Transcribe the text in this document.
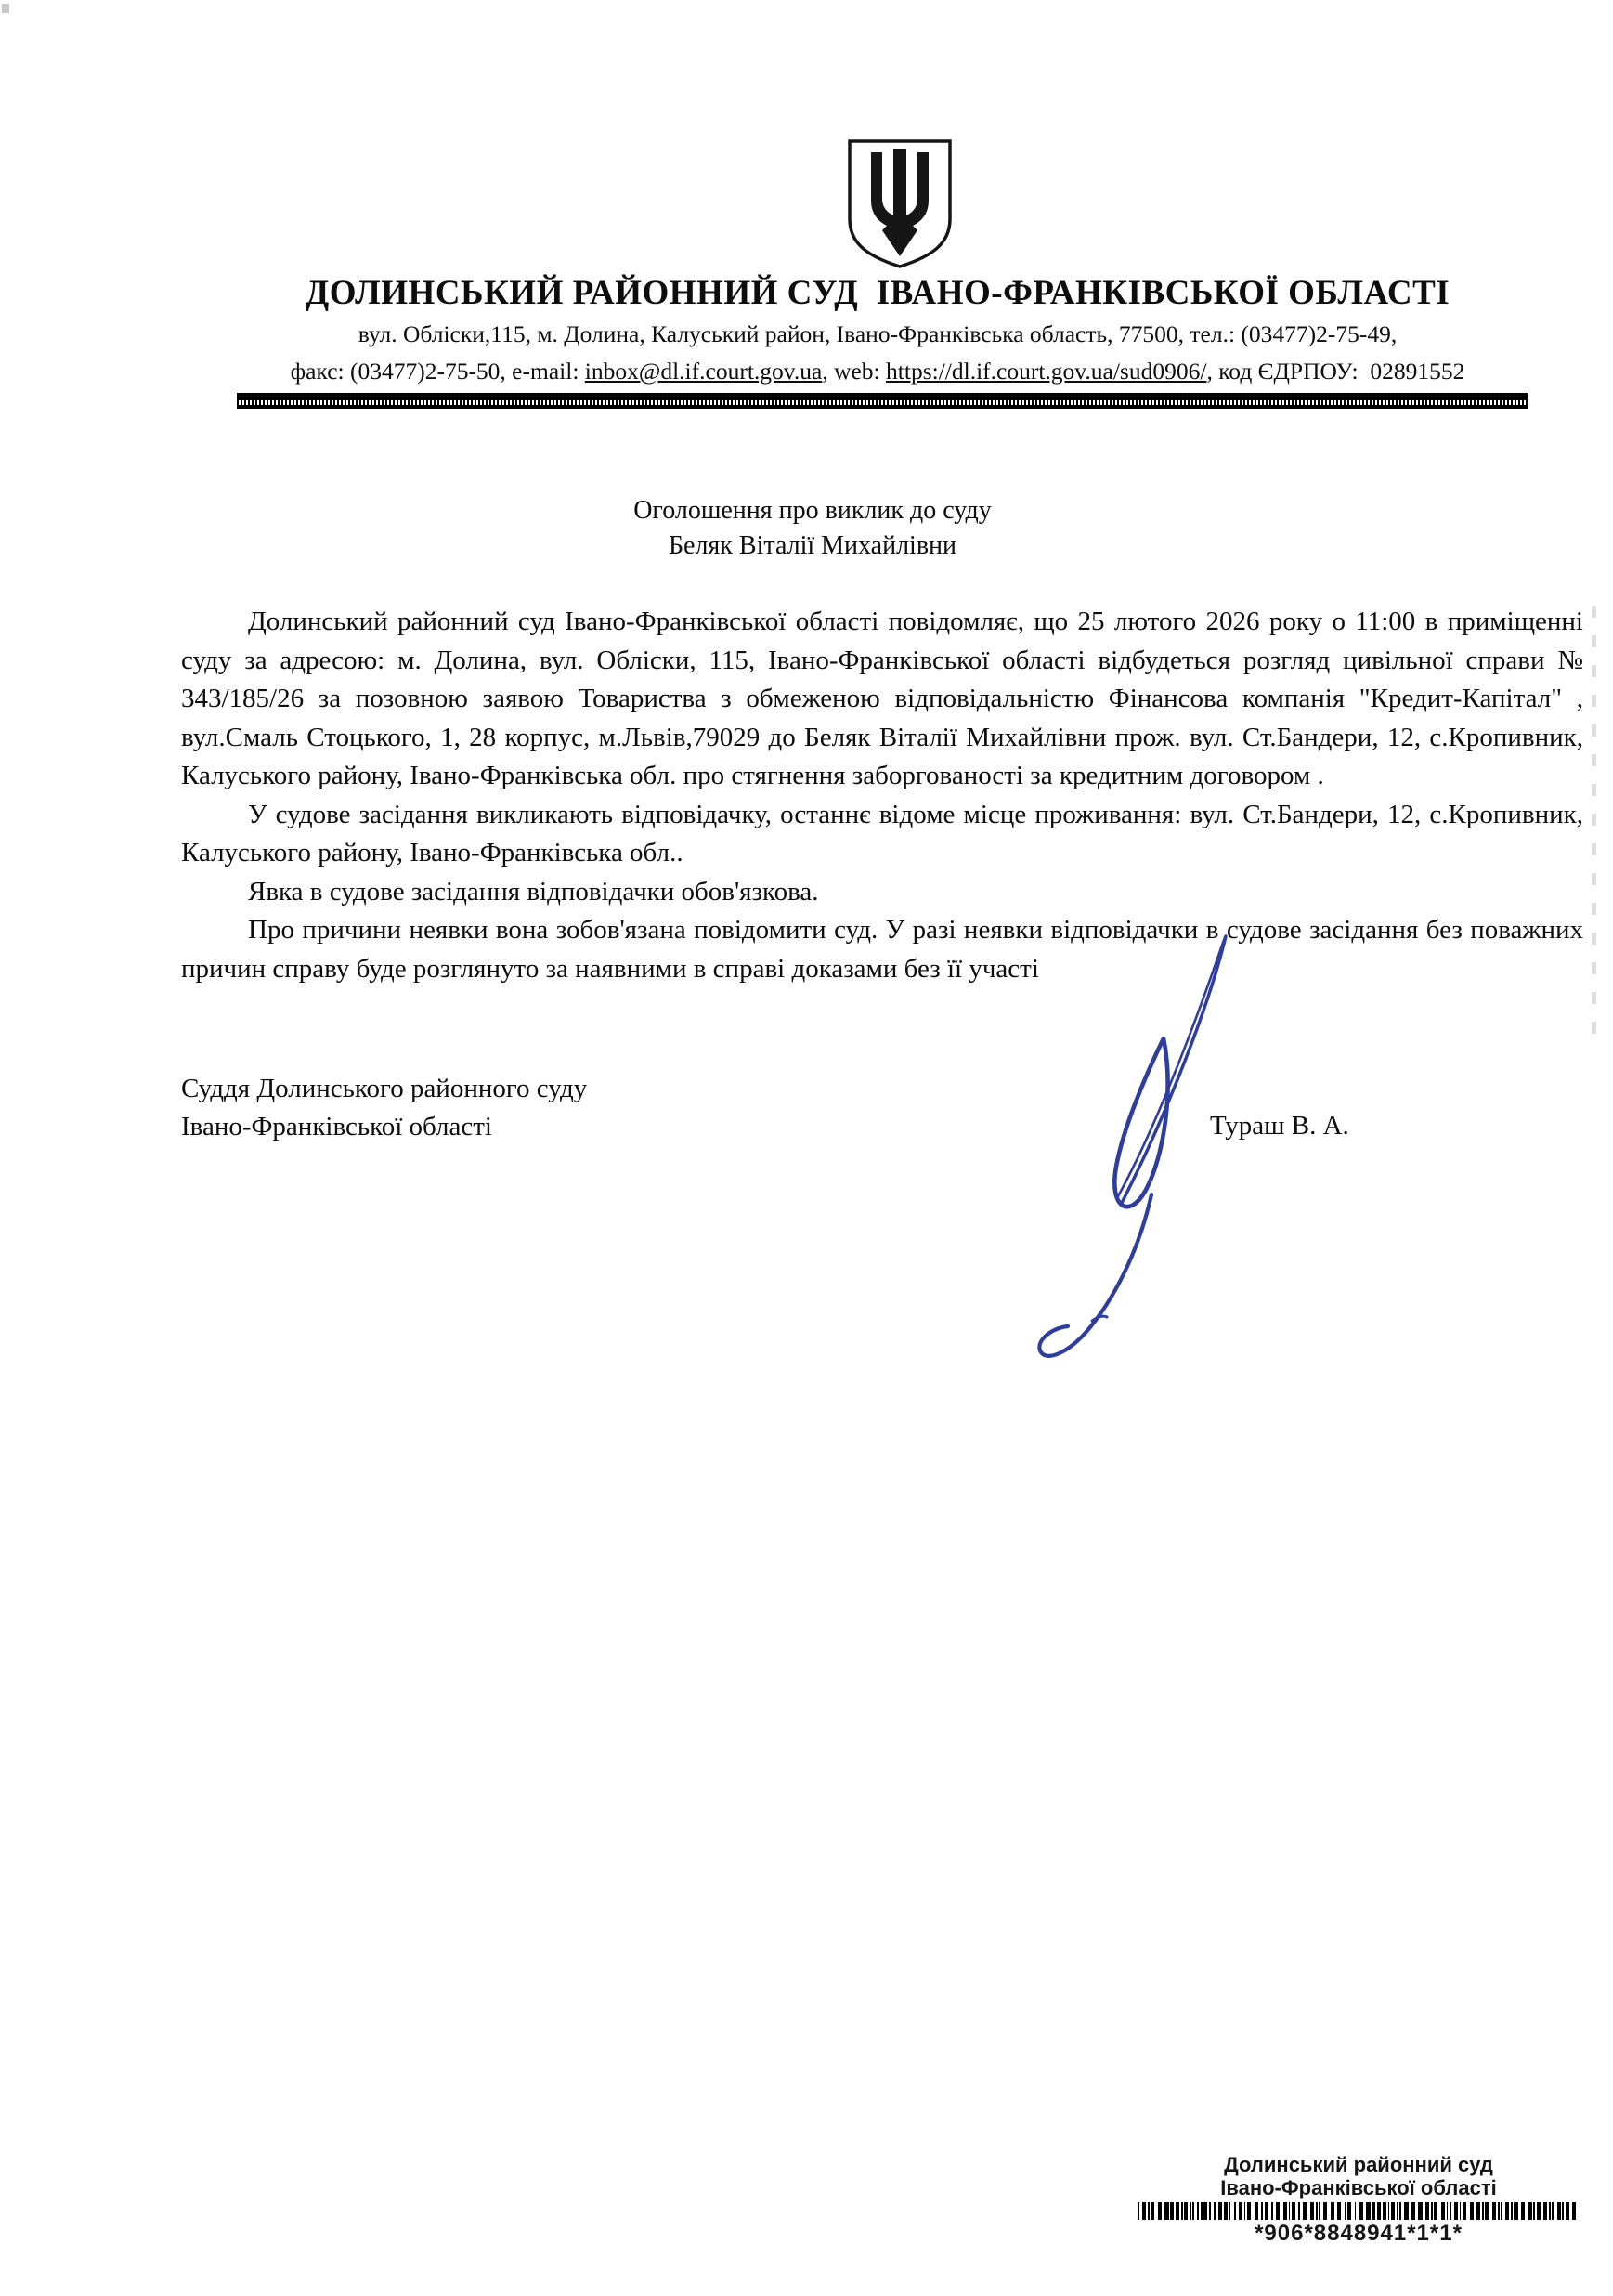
ДОЛИНСЬКИЙ РАЙОННИЙ СУД  ІВАНО-ФРАНКІВСЬКОЇ ОБЛАСТІ
вул. Обліски,115, м. Долина, Калуський район, Івано-Франківська область, 77500, тел.: (03477)2-75-49,
факс: (03477)2-75-50, e-mail: inbox@dl.if.court.gov.ua, web: https://dl.if.court.gov.ua/sud0906/, код ЄДРПОУ:  02891552
Оголошення про виклик до суду
Беляк Віталії Михайлівни

Долинський районний суд Івано-Франківської області повідомляє, що 25 лютого 2026 року о 11:00 в приміщенні суду за адресою: м. Долина, вул. Обліски, 115, Івано-Франківської області відбудеться розгляд цивільної справи № 343/185/26 за позовною заявою Товариства з обмеженою відповідальністю Фінансова компанія "Кредит-Капітал" , вул.Смаль Стоцького, 1, 28 корпус, м.Львів,79029 до Беляк Віталії Михайлівни прож. вул. Ст.Бандери, 12, с.Кропивник, Калуського району, Івано-Франківська обл. про стягнення заборгованості за кредитним договором .

У судове засідання викликають відповідачку, останнє відоме місце проживання: вул. Ст.Бандери, 12, с.Кропивник, Калуського району, Івано-Франківська обл..

Явка в судове засідання відповідачки обов'язкова.

Про причини неявки вона зобов'язана повідомити суд. У разі неявки відповідачки в судове засідання без поважних причин справу буде розглянуто за наявними в справі доказами без її участі

Суддя Долинського районного суду
Івано-Франківської області	Тураш В. А.
Долинський районний суд
Івано-Франківської області
*906*8848941*1*1*
